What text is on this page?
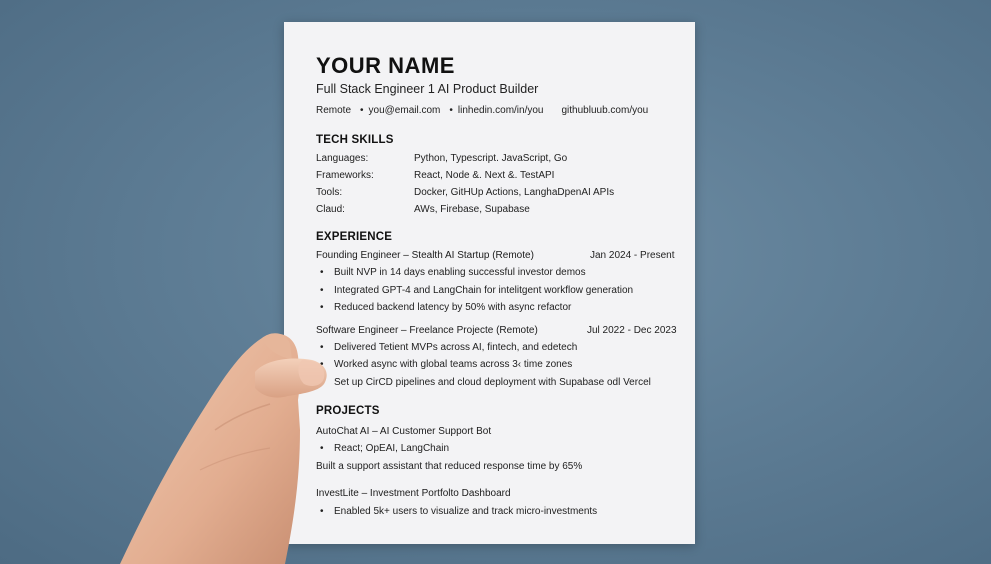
YOUR NAME
Full Stack Engineer 1 AI Product Builder
Remote • you@email.com • linhedin.com/in/you githubluub.com/you
TECH SKILLS
Languages:	Python, Typescript. JavaScript, Go
Frameworks:	React, Node &. Next &. TestAPI
Tools:	Docker, GitHUp Actions, LanghaDpenAI APIs
Claud:	AWs, Firebase, Supabase
EXPERIENCE
Founding Engineer – Stealth AI Startup (Remote)	Jan 2024 - Present
• Built NVP in 14 days enabling successful investor demos
• Integrated GPT-4 and LangChain for intelitgent workflow generation
• Reduced backend latency by 50% with async refactor
Software Engineer – Freelance Projecte (Remote)	Jul 2022 - Dec 2023
• Delivered Tetient MVPs across AI, fintech, and edetech
• Worked async with global teams across 3‹ time zones
• Set up CirCD pipelines and cloud deployment with Supabase odl Vercel
PROJECTS
AutoChat AI – AI Customer Support Bot
• React; OpEAI, LangChain
Built a support assistant that reduced response time by 65%
InvestLite – Investment Portfolto Dashboard
• Enabled 5k+ users to visualize and track micro-investments
